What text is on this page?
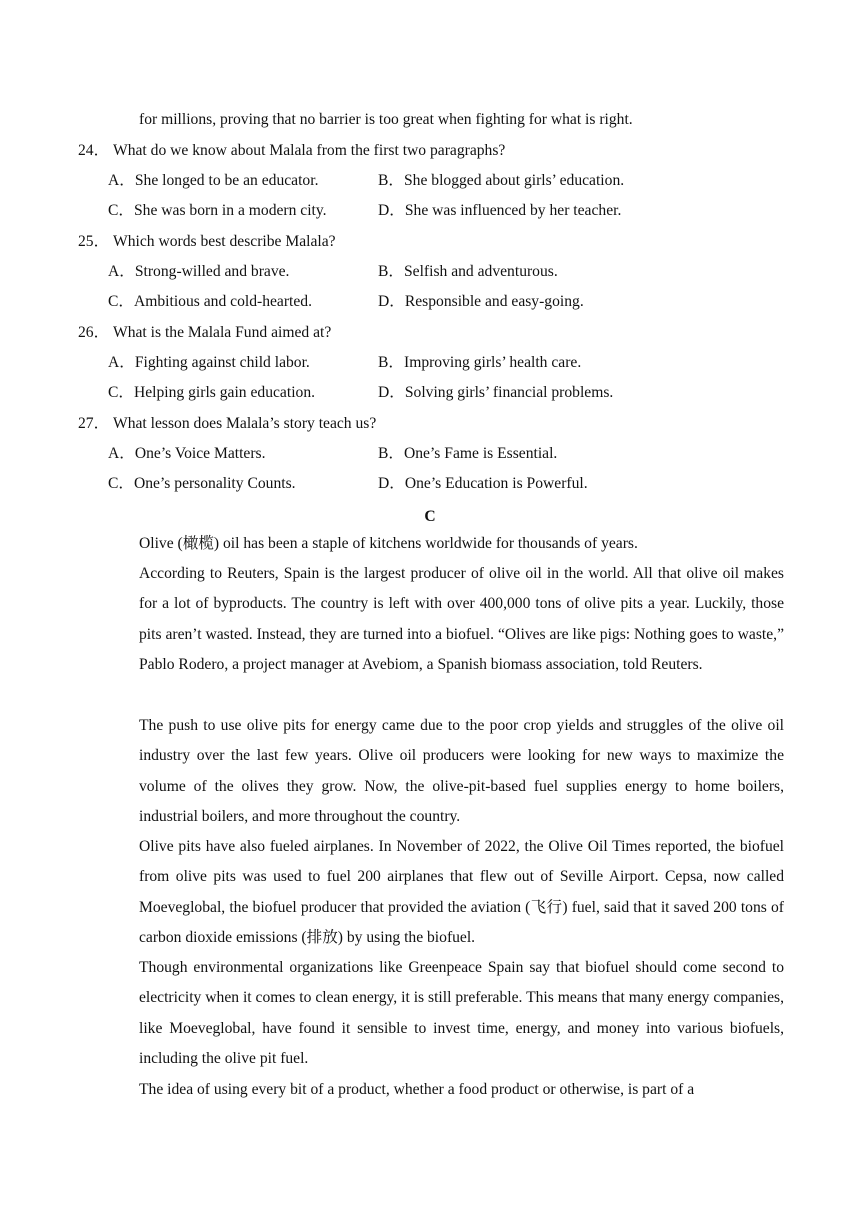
for millions, proving that no barrier is too great when fighting for what is right.
24． What do we know about Malala from the first two paragraphs?
A．She longed to be an educator.	B．She blogged about girls’ education.
C．She was born in a modern city.	D．She was influenced by her teacher.
25． Which words best describe Malala?
A．Strong-willed and brave.	B．Selfish and adventurous.
C．Ambitious and cold-hearted.	D．Responsible and easy-going.
26． What is the Malala Fund aimed at?
A．Fighting against child labor.	B．Improving girls’ health care.
C．Helping girls gain education.	D．Solving girls’ financial problems.
27． What lesson does Malala’s story teach us?
A．One’s Voice Matters.	B．One’s Fame is Essential.
C．One’s personality Counts.	D．One’s Education is Powerful.
C

Olive (橄榄) oil has been a staple of kitchens worldwide for thousands of years.

According to Reuters, Spain is the largest producer of olive oil in the world. All that olive oil makes for a lot of byproducts. The country is left with over 400,000 tons of olive pits a year. Luckily, those pits aren’t wasted. Instead, they are turned into a biofuel. “Olives are like pigs: Nothing goes to waste,” Pablo Rodero, a project manager at Avebiom, a Spanish biomass association, told Reuters.

The push to use olive pits for energy came due to the poor crop yields and struggles of the olive oil industry over the last few years. Olive oil producers were looking for new ways to maximize the volume of the olives they grow. Now, the olive-pit-based fuel supplies energy to home boilers, industrial boilers, and more throughout the country.

Olive pits have also fueled airplanes. In November of 2022, the Olive Oil Times reported, the biofuel from olive pits was used to fuel 200 airplanes that flew out of Seville Airport. Cepsa, now called Moeveglobal, the biofuel producer that provided the aviation (飞行) fuel, said that it saved 200 tons of carbon dioxide emissions (排放) by using the biofuel.

Though environmental organizations like Greenpeace Spain say that biofuel should come second to electricity when it comes to clean energy, it is still preferable. This means that many energy companies, like Moeveglobal, have found it sensible to invest time, energy, and money into various biofuels, including the olive pit fuel.

The idea of using every bit of a product, whether a food product or otherwise, is part of a
